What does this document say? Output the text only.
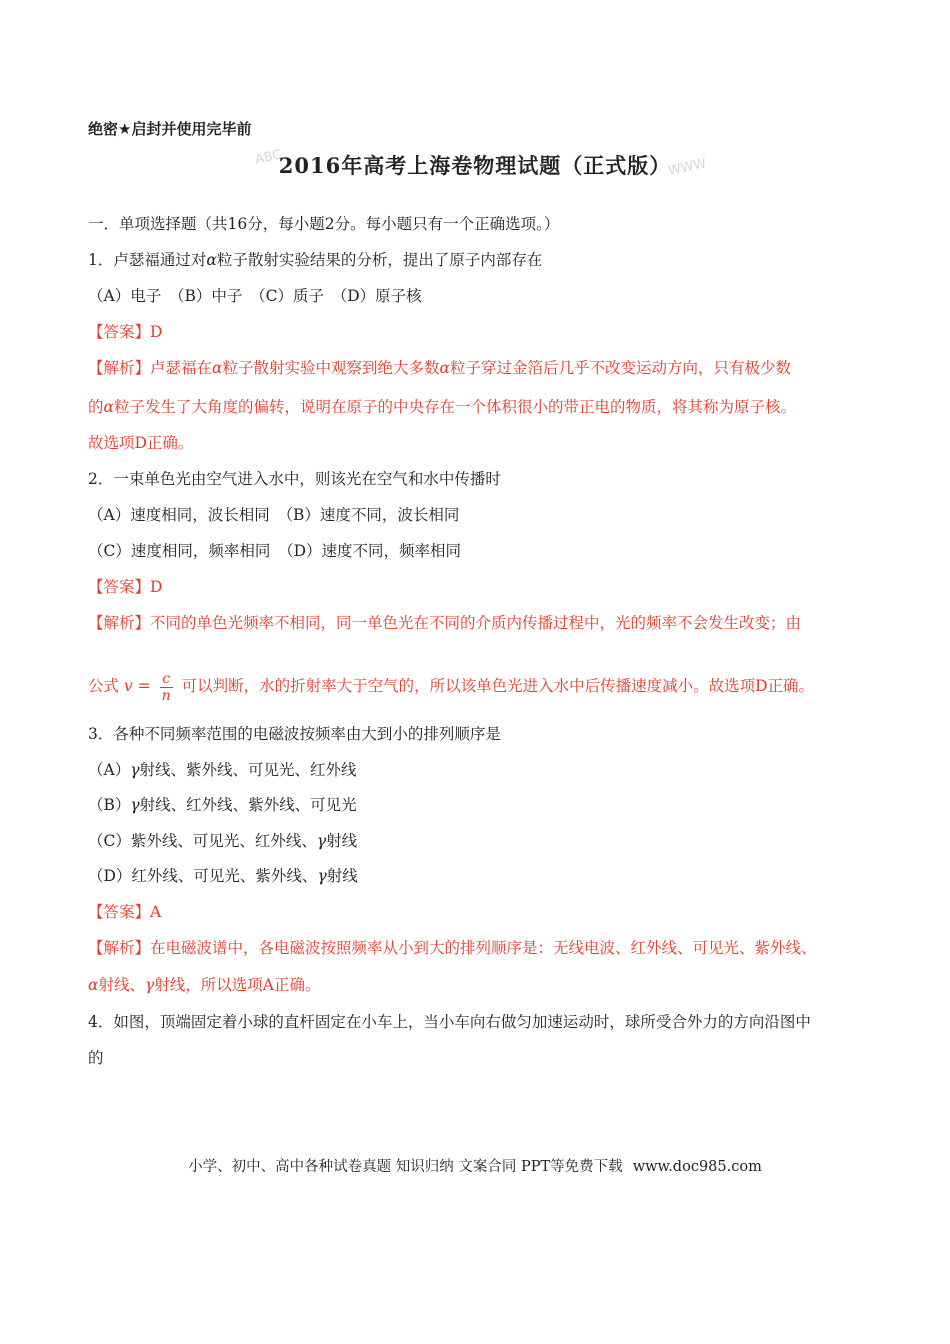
绝密★启封并使用完毕前
ABC	WWW
2016年高考上海卷物理试题（正式版）
一．单项选择题（共16分，每小题2分。每小题只有一个正确选项。）
1．卢瑟福通过对α粒子散射实验结果的分析，提出了原子内部存在
（A）电子　（B）中子　（C）质子　（D）原子核
【答案】D
【解析】卢瑟福在α粒子散射实验中观察到绝大多数α粒子穿过金箔后几乎不改变运动方向，只有极少数
的α粒子发生了大角度的偏转，说明在原子的中央存在一个体积很小的带正电的物质，将其称为原子核。
故选项D正确。
2．一束单色光由空气进入水中，则该光在空气和水中传播时
（A）速度相同，波长相同　（B）速度不同，波长相同
（C）速度相同，频率相同　（D）速度不同，频率相同
【答案】D
【解析】不同的单色光频率不相同，同一单色光在不同的介质内传播过程中，光的频率不会发生改变；由
公式 $v = \frac{c}{n}$ 可以判断，水的折射率大于空气的，所以该单色光进入水中后传播速度减小。故选项D正确。
3．各种不同频率范围的电磁波按频率由大到小的排列顺序是
（A）γ射线、紫外线、可见光、红外线
（B）γ射线、红外线、紫外线、可见光
（C）紫外线、可见光、红外线、γ射线
（D）红外线、可见光、紫外线、γ射线
【答案】A
【解析】在电磁波谱中，各电磁波按照频率从小到大的排列顺序是：无线电波、红外线、可见光、紫外线、
α射线、γ射线，所以选项A正确。
4．如图，顶端固定着小球的直杆固定在小车上，当小车向右做匀加速运动时，球所受合外力的方向沿图中
的
小学、初中、高中各种试卷真题 知识归纳 文案合同 PPT等免费下载 www.doc985.com
